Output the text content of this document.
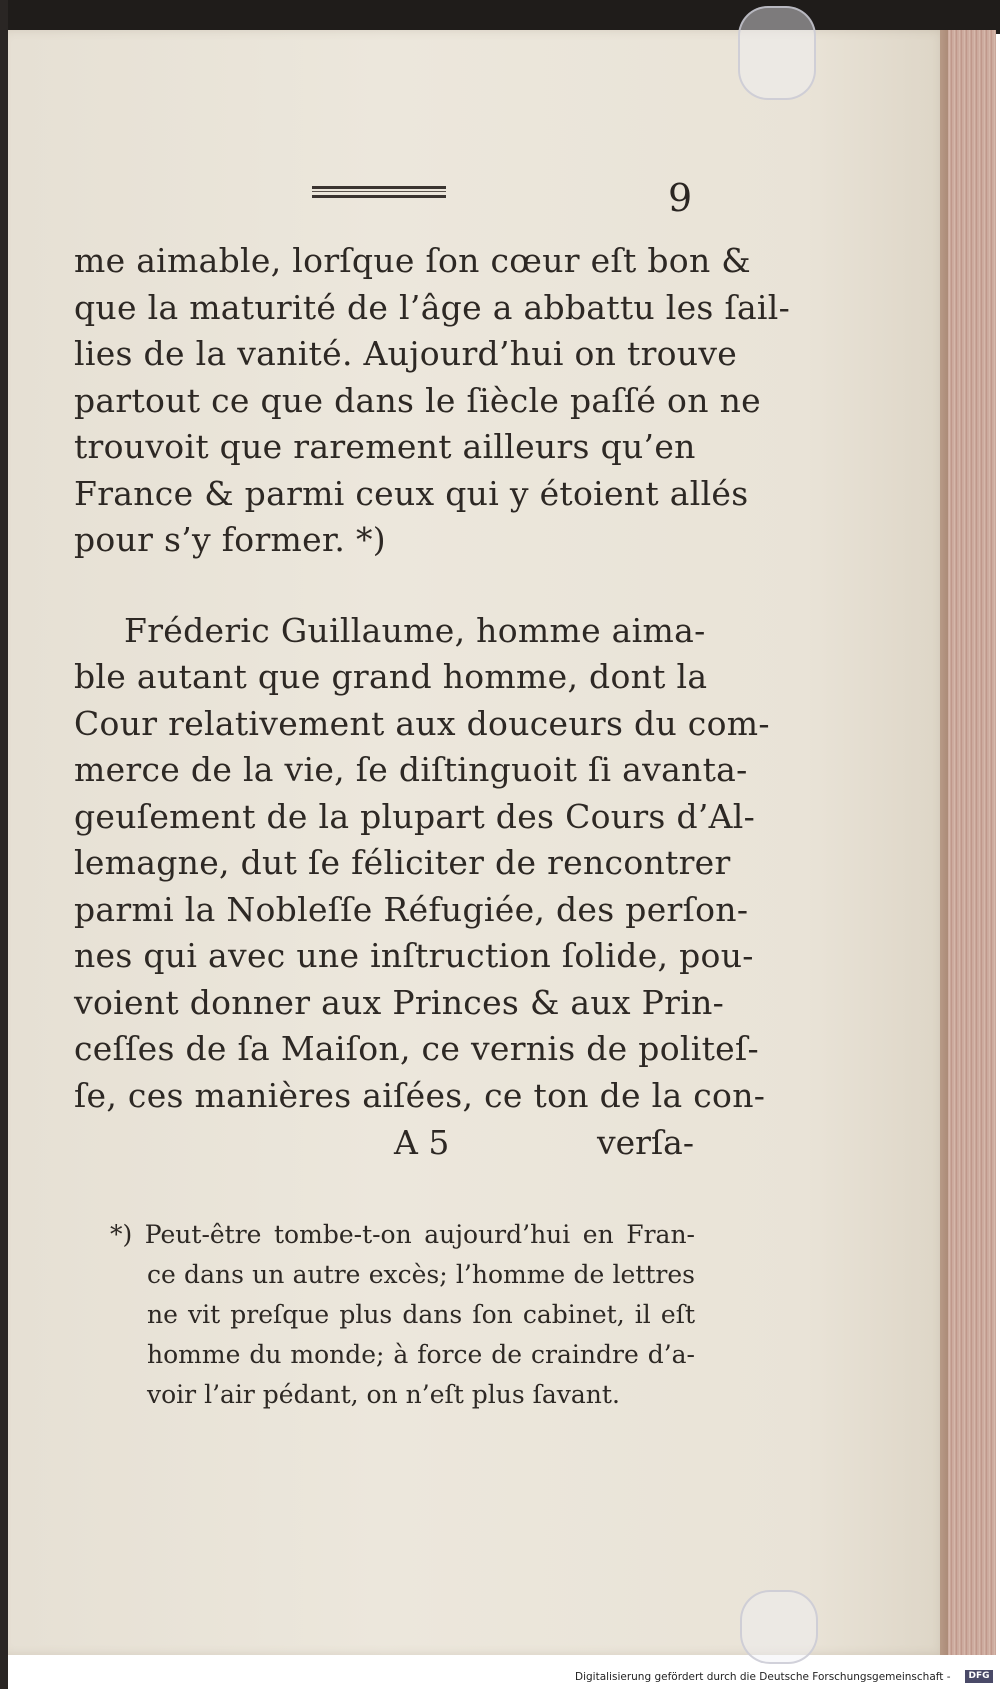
9
me aimable, lorſque ſon cœur eſt bon &
que la maturité de l’âge a abbattu les ſail-
lies de la vanité. Aujourd’hui on trouve
partout ce que dans le ſiècle paſſé on ne
trouvoit que rarement ailleurs qu’en
France & parmi ceux qui y étoient allés
pour s’y former. *)
Fréderic Guillaume, homme aima-
ble autant que grand homme, dont la
Cour relativement aux douceurs du com-
merce de la vie, ſe diſtinguoit ſi avanta-
geuſement de la plupart des Cours d’Al-
lemagne, dut ſe féliciter de rencontrer
parmi la Nobleſſe Réfugiée, des perſon-
nes qui avec une inſtruction ſolide, pou-
voient donner aux Princes & aux Prin-
ceſſes de ſa Maiſon, ce vernis de politeſ-
ſe, ces manières aiſées, ce ton de la con-
A 5	verſa-
*) Peut-être tombe-t-on aujourd’hui en Fran-
ce dans un autre excès; l’homme de lettres
ne vit preſque plus dans ſon cabinet, il eſt
homme du monde; à force de craindre d’a-
voir l’air pédant, on n’eſt plus ſavant.
Digitalisierung gefördert durch die Deutsche Forschungsgemeinschaft -	DFG
